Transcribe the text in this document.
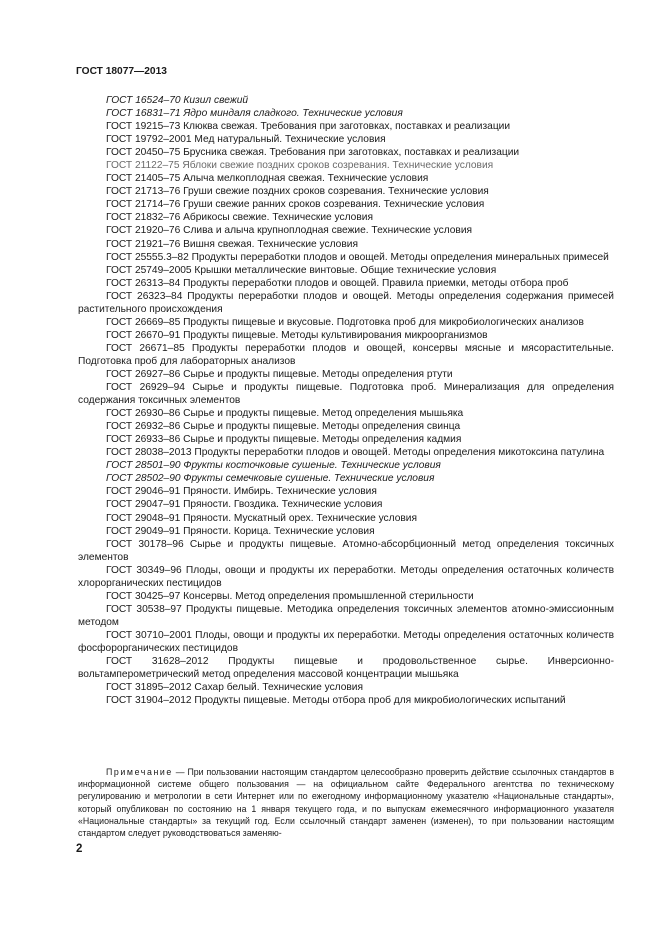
ГОСТ 18077—2013

ГОСТ 16524–70 Кизил свежий
ГОСТ 16831–71 Ядро миндаля сладкого. Технические условия
ГОСТ 19215–73 Клюква свежая. Требования при заготовках, поставках и реализации
ГОСТ 19792–2001 Мед натуральный. Технические условия
ГОСТ 20450–75 Брусника свежая. Требования при заготовках, поставках и реализации
ГОСТ 21122–75 Яблоки свежие поздних сроков созревания. Технические условия
ГОСТ 21405–75 Алыча мелкоплодная свежая. Технические условия
ГОСТ 21713–76 Груши свежие поздних сроков созревания. Технические условия
ГОСТ 21714–76 Груши свежие ранних сроков созревания. Технические условия
ГОСТ 21832–76 Абрикосы свежие. Технические условия
ГОСТ 21920–76 Слива и алыча крупноплодная свежие. Технические условия
ГОСТ 21921–76 Вишня свежая. Технические условия
ГОСТ 25555.3–82 Продукты переработки плодов и овощей. Методы определения минеральных примесей
ГОСТ 25749–2005 Крышки металлические винтовые. Общие технические условия
ГОСТ 26313–84 Продукты переработки плодов и овощей. Правила приемки, методы отбора проб
ГОСТ 26323–84 Продукты переработки плодов и овощей. Методы определения содержания примесей растительного происхождения
ГОСТ 26669–85 Продукты пищевые и вкусовые. Подготовка проб для микробиологических анализов
ГОСТ 26670–91 Продукты пищевые. Методы культивирования микроорганизмов
ГОСТ 26671–85 Продукты переработки плодов и овощей, консервы мясные и мясорастительные. Подготовка проб для лабораторных анализов
ГОСТ 26927–86 Сырье и продукты пищевые. Методы определения ртути
ГОСТ 26929–94 Сырье и продукты пищевые. Подготовка проб. Минерализация для определения содержания токсичных элементов
ГОСТ 26930–86 Сырье и продукты пищевые. Метод определения мышьяка
ГОСТ 26932–86 Сырье и продукты пищевые. Методы определения свинца
ГОСТ 26933–86 Сырье и продукты пищевые. Методы определения кадмия
ГОСТ 28038–2013 Продукты переработки плодов и овощей. Методы определения микотоксина патулина
ГОСТ 28501–90 Фрукты косточковые сушеные. Технические условия
ГОСТ 28502–90 Фрукты семечковые сушеные. Технические условия
ГОСТ 29046–91 Пряности. Имбирь. Технические условия
ГОСТ 29047–91 Пряности. Гвоздика. Технические условия
ГОСТ 29048–91 Пряности. Мускатный орех. Технические условия
ГОСТ 29049–91 Пряности. Корица. Технические условия
ГОСТ 30178–96 Сырье и продукты пищевые. Атомно-абсорбционный метод определения токсичных элементов
ГОСТ 30349–96 Плоды, овощи и продукты их переработки. Методы определения остаточных количеств хлорорганических пестицидов
ГОСТ 30425–97 Консервы. Метод определения промышленной стерильности
ГОСТ 30538–97 Продукты пищевые. Методика определения токсичных элементов атомно-эмиссионным методом
ГОСТ 30710–2001 Плоды, овощи и продукты их переработки. Методы определения остаточных количеств фосфорорганических пестицидов
ГОСТ 31628–2012 Продукты пищевые и продовольственное сырье. Инверсионно-вольтамперометрический метод определения массовой концентрации мышьяка
ГОСТ 31895–2012 Сахар белый. Технические условия
ГОСТ 31904–2012 Продукты пищевые. Методы отбора проб для микробиологических испытаний

Примечание — При пользовании настоящим стандартом целесообразно проверить действие ссылочных стандартов в информационной системе общего пользования — на официальном сайте Федерального агентства по техническому регулированию и метрологии в сети Интернет или по ежегодному информационному указателю «Национальные стандарты», который опубликован по состоянию на 1 января текущего года, и по выпускам ежемесячного информационного указателя «Национальные стандарты» за текущий год. Если ссылочный стандарт заменен (изменен), то при пользовании настоящим стандартом следует руководствоваться заменяю-

2
